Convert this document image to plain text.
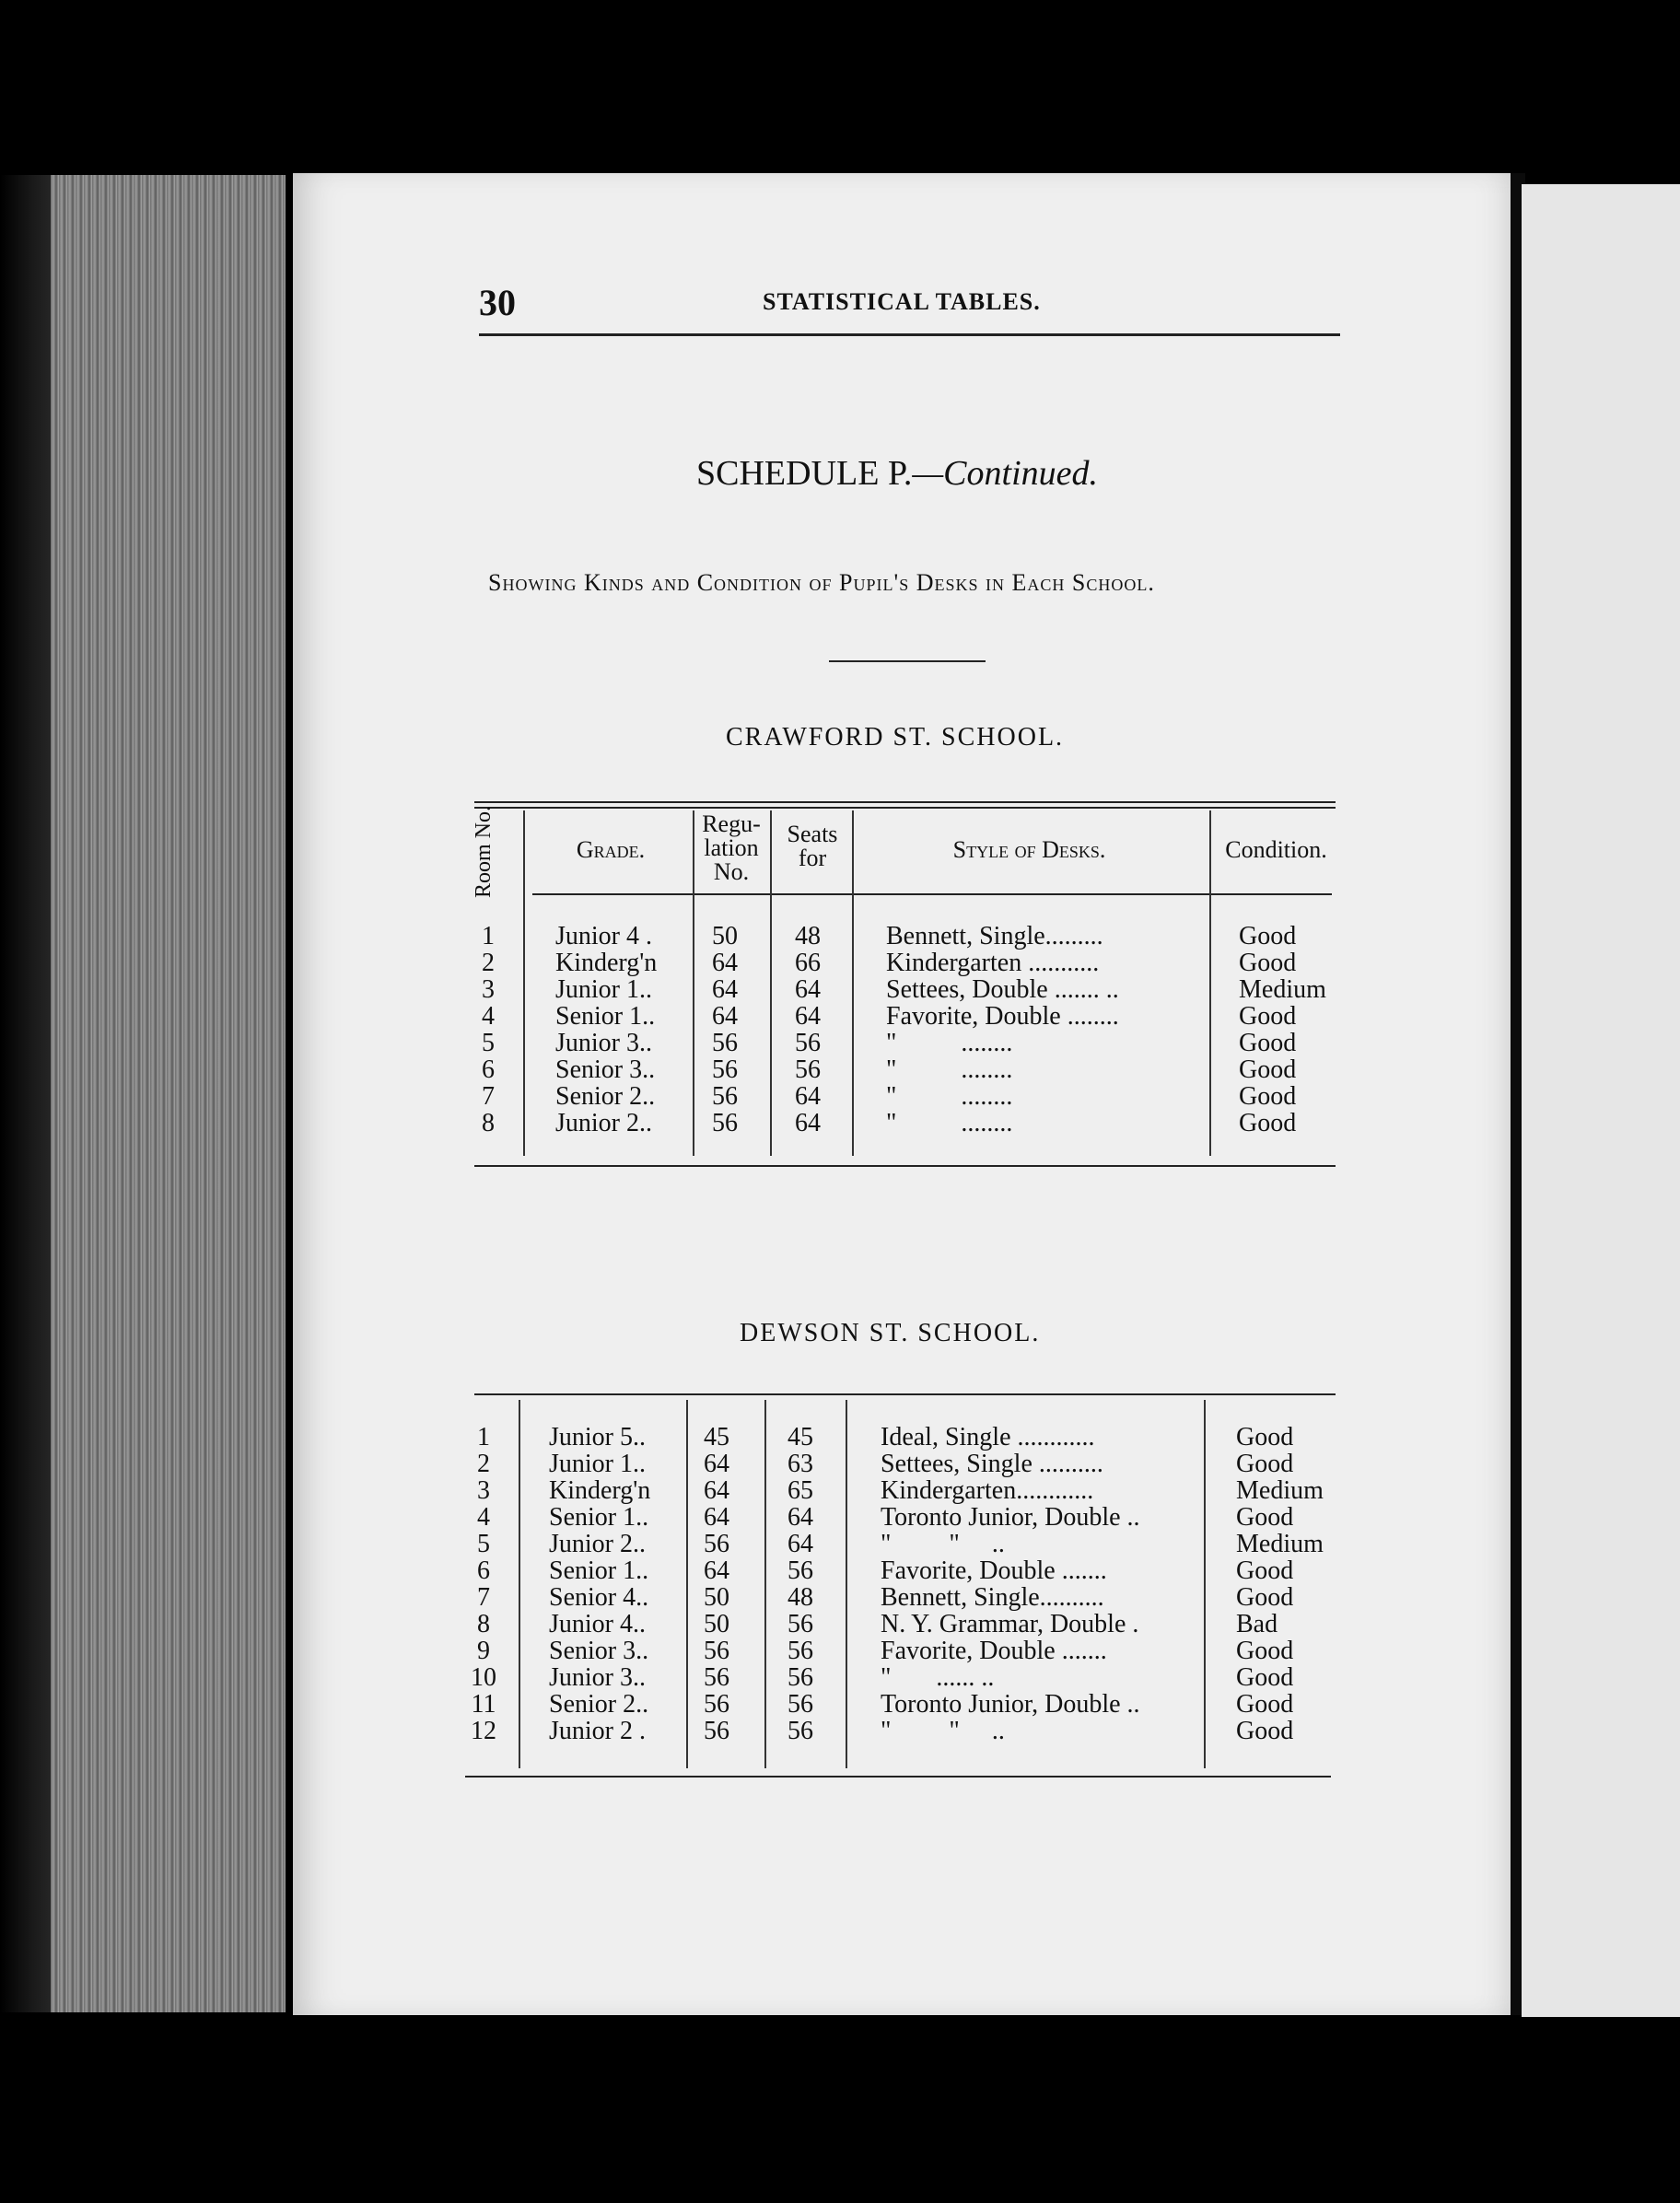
30	STATISTICAL TABLES.
SCHEDULE P.—Continued.
Showing Kinds and Condition of Pupil's Desks in Each School.
CRAWFORD ST. SCHOOL.
Room No.	Grade.
Regu-
lation
No.
Seats
for	Style of Desks.	Condition.
1 Junior 4 .	50	48	Bennett, Single.........	Good
2 Kinderg'n	64	66	Kindergarten ...........	Good
3 Junior 1..	64	64	Settees, Double ....... ..	Medium
4 Senior 1..	64	64	Favorite, Double ........	Good
5 Junior 3..	56	56	"          ........	Good
6 Senior 3..	56	56	"          ........	Good
7 Senior 2..	56	64	"          ........	Good
8 Junior 2..	56	64	"          ........	Good
DEWSON ST. SCHOOL.
1 Junior 5..	45	45	Ideal, Single ............	Good
2 Junior 1..	64	63	Settees, Single ..........	Good
3 Kinderg'n	64	65	Kindergarten............	Medium
4 Senior 1..	64	64	Toronto Junior, Double ..	Good
5 Junior 2..	56	64	"         "     ..	Medium
6 Senior 1..	64	56	Favorite, Double .......	Good
7 Senior 4..	50	48	Bennett, Single..........	Good
8 Junior 4..	50	56	N. Y. Grammar, Double .	Bad
9 Senior 3..	56	56	Favorite, Double .......	Good
10 Junior 3..	56	56	"       ...... ..	Good
11 Senior 2..	56	56	Toronto Junior, Double ..	Good
12 Junior 2 .	56	56	"         "     ..	Good
